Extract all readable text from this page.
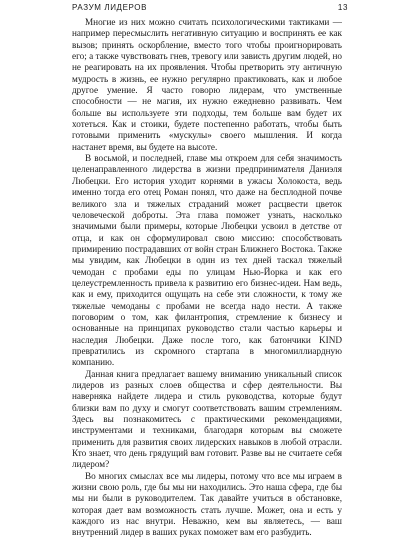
РАЗУМ ЛИДЕРОВ	13

Многие из них можно считать психологическими тактиками — например пересмыслить негативную ситуацию и воспринять ее как вызов; принять оскорбление, вместо того чтобы проигнорировать его; а также чувствовать гнев, тревогу или зависть другим людей, но не реагировать на их проявления. Чтобы претворить эту античную мудрость в жизнь, ее нужно регулярно практиковать, как и любое другое умение. Я часто говорю лидерам, что умственные способности — не магия, их нужно ежедневно развивать. Чем больше вы используете эти подходы, тем больше вам будет их хотеться. Как и стоики, будете постепенно работать, чтобы быть готовыми применить «мускулы» своего мышления. И когда настанет время, вы будете на высоте.

В восьмой, и последней, главе мы откроем для себя значимость целенаправленного лидерства в жизни предпринимателя Даниэля Любецки. Его история уходит корнями в ужасы Холокоста, ведь именно тогда его отец Роман понял, что даже на бесплодной почве великого зла и тяжелых страданий может расцвести цветок человеческой доброты. Эта глава поможет узнать, насколько значимыми были примеры, которые Любецки усвоил в детстве от отца, и как он сформулировал свою миссию: способствовать примирению пострадавших от войн стран Ближнего Востока. Также мы увидим, как Любецки в один из тех дней таскал тяжелый чемодан с пробами еды по улицам Нью-Йорка и как его целеустремленность привела к развитию его бизнес-идеи. Нам ведь, как и ему, приходится ощущать на себе эти сложности, к тому же тяжелые чемоданы с пробами не всегда надо нести. А также поговорим о том, как филантропия, стремление к бизнесу и основанные на принципах руководство стали частью карьеры и наследия Любецки. Даже после того, как батончики KIND превратились из скромного стартапа в многомиллиардную компанию.

Данная книга предлагает вашему вниманию уникальный список лидеров из разных слоев общества и сфер деятельности. Вы наверняка найдете лидера и стиль руководства, которые будут близки вам по духу и смогут соответствовать вашим стремлениям. Здесь вы познакомитесь с практическими рекомендациями, инструментами и техниками, благодаря которым вы сможете применить для развития своих лидерских навыков в любой отрасли. Кто знает, что день грядущий вам готовит. Разве вы не считаете себя лидером?

Во многих смыслах все мы лидеры, потому что все мы играем в жизни свою роль, где бы мы ни находились. Это наша сфера, где бы мы ни были в руководителем. Так давайте учиться в обстановке, которая дает вам возможность стать лучше. Может, она и есть у каждого из нас внутри. Неважно, кем вы являетесь, — ваш внутренний лидер в ваших руках поможет вам его разбудить.
